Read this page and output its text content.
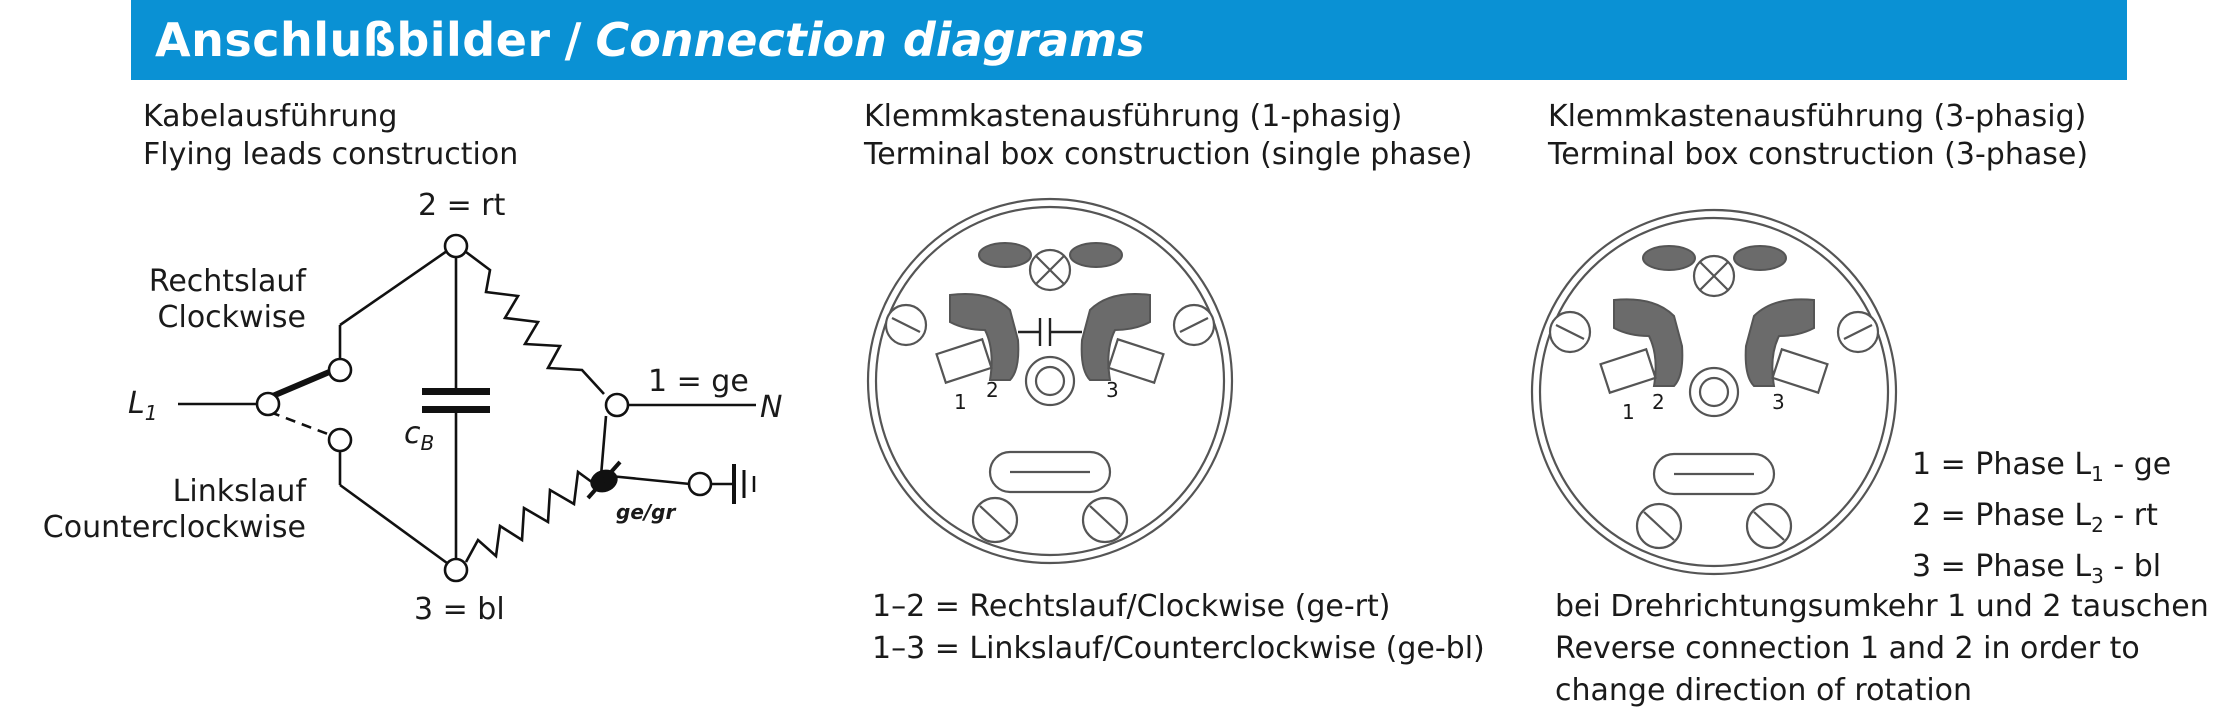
Anschlußbilder / Connection diagrams
Kabelausführung
Flying leads construction
2 = rt
1 = ge
3 = bl
Rechtslauf
Clockwise
Linkslauf
Counterclockwise
$L_1$	N
$c_B$
ge/gr
Klemmkastenausführung (1-phasig)
Terminal box construction (single phase)
1 2	3
1–2 = Rechtslauf/Clockwise (ge-rt)
1–3 = Linkslauf/Counterclockwise (ge-bl)
Klemmkastenausführung (3-phasig)
Terminal box construction (3-phase)
1 2	3
1 = Phase $L_1$ - ge
2 = Phase $L_2$ - rt
3 = Phase $L_3$ - bl
bei Drehrichtungsumkehr 1 und 2 tauschen
Reverse connection 1 and 2 in order to
change direction of rotation
